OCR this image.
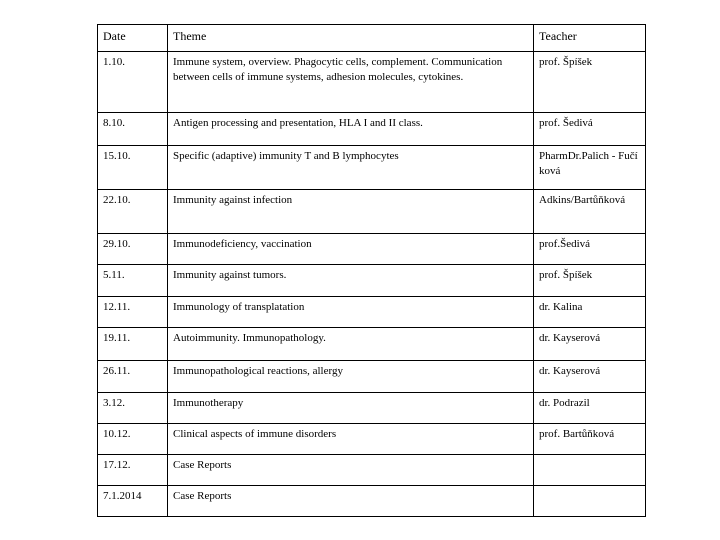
Date	Theme	Teacher
1.10.	Immune system, overview. Phagocytic cells, complement. Communication between cells of immune systems, adhesion molecules, cytokines.	prof. Špíšek
8.10.	Antigen processing and presentation, HLA I and II class.	prof. Šedivá
15.10.	Specific (adaptive) immunity T and B lymphocytes	PharmDr.Palich - Fučíková
22.10.	Immunity against infection	Adkins/Bartůňková
29.10.	Immunodeficiency, vaccination	prof.Šedivá
5.11.	Immunity against tumors.	prof. Špíšek
12.11.	Immunology of transplatation	dr. Kalina
19.11.	Autoimmunity. Immunopathology.	dr. Kayserová
26.11.	Immunopathological reactions, allergy	dr. Kayserová
3.12.	Immunotherapy	dr. Podrazil
10.12.	Clinical aspects of immune disorders	prof. Bartůňková
17.12.	Case Reports	
7.1.2014	Case Reports	
